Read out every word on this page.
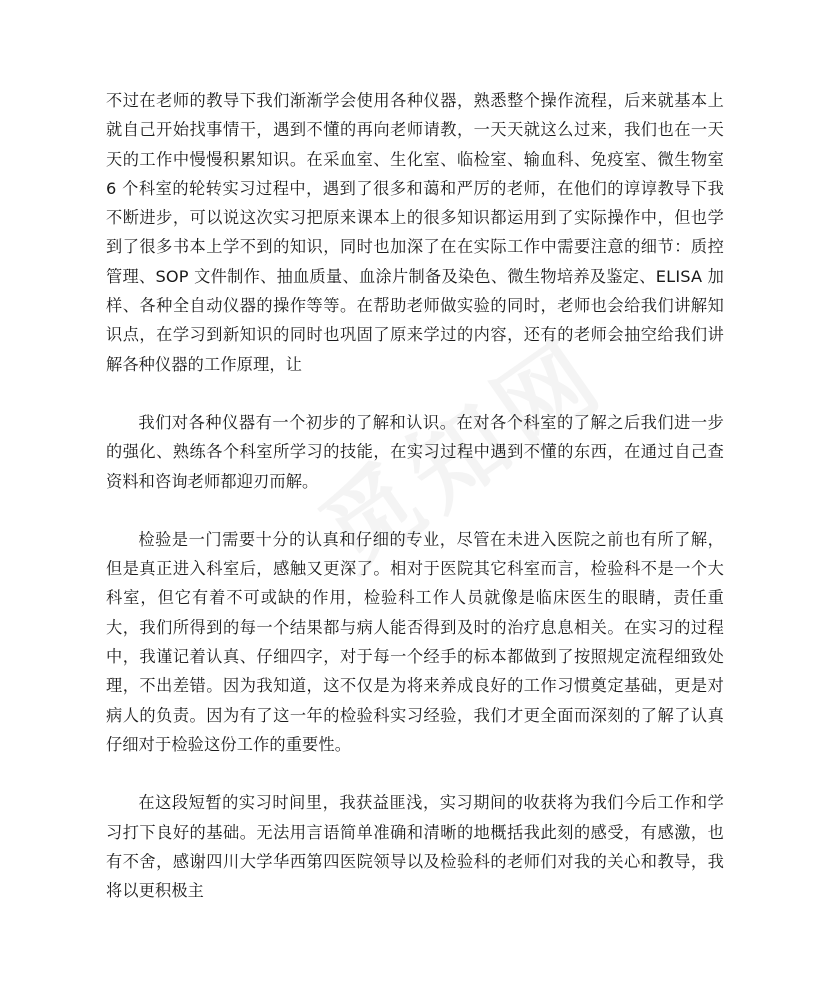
不过在老师的教导下我们渐渐学会使用各种仪器，熟悉整个操作流程，后来就基本上就自己开始找事情干，遇到不懂的再向老师请教，一天天就这么过来，我们也在一天天的工作中慢慢积累知识。在采血室、生化室、临检室、输血科、免疫室、微生物室 6 个科室的轮转实习过程中，遇到了很多和蔼和严厉的老师，在他们的谆谆教导下我不断进步，可以说这次实习把原来课本上的很多知识都运用到了实际操作中，但也学到了很多书本上学不到的知识，同时也加深了在在实际工作中需要注意的细节：质控管理、SOP 文件制作、抽血质量、血涂片制备及染色、微生物培养及鉴定、ELISA 加样、各种全自动仪器的操作等等。在帮助老师做实验的同时，老师也会给我们讲解知识点，在学习到新知识的同时也巩固了原来学过的内容，还有的老师会抽空给我们讲解各种仪器的工作原理，让

我们对各种仪器有一个初步的了解和认识。在对各个科室的了解之后我们进一步的强化、熟练各个科室所学习的技能，在实习过程中遇到不懂的东西，在通过自己查资料和咨询老师都迎刃而解。

检验是一门需要十分的认真和仔细的专业，尽管在未进入医院之前也有所了解，但是真正进入科室后，感触又更深了。相对于医院其它科室而言，检验科不是一个大科室，但它有着不可或缺的作用，检验科工作人员就像是临床医生的眼睛，责任重大，我们所得到的每一个结果都与病人能否得到及时的治疗息息相关。在实习的过程中，我谨记着认真、仔细四字，对于每一个经手的标本都做到了按照规定流程细致处理，不出差错。因为我知道，这不仅是为将来养成良好的工作习惯奠定基础，更是对病人的负责。因为有了这一年的检验科实习经验，我们才更全面而深刻的了解了认真仔细对于检验这份工作的重要性。

在这段短暂的实习时间里，我获益匪浅，实习期间的收获将为我们今后工作和学习打下良好的基础。无法用言语简单准确和清晰的地概括我此刻的感受，有感激，也有不舍，感谢四川大学华西第四医院领导以及检验科的老师们对我的关心和教导，我将以更积极主
